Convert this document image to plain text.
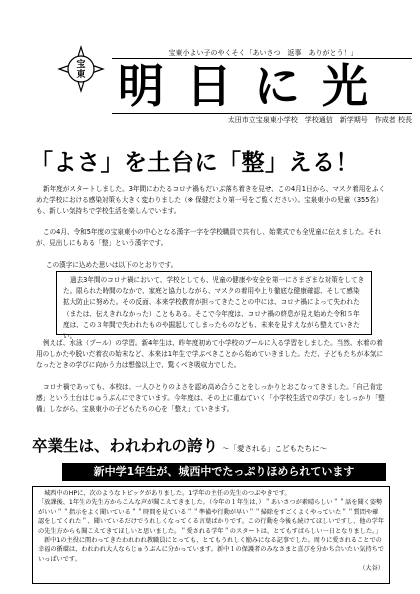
宝
東
宝東小よい子のやくそく「あいさつ　返事　ありがとう！」
明日に光
太田市立宝泉東小学校　学校通信　新学期号　作成者 校長
「よさ」を土台に「整」える！
新年度がスタートしました。3年間にわたるコロナ禍もだいぶ落ち着きを見せ、この4月1日から、マスク着用をふくめた学校における感染対策も大きく変わりました（※ 保健だより第一号をご覧ください）。宝泉東小の児童（355名）も、新しい気持ちで学校生活を楽しんでいます。
この4月、令和5年度の宝泉東小の中心となる漢字一字を学校職員で共有し、始業式でも全児童に伝えました。それが、見出しにもある「整」という漢字です。
この漢字に込めた思いは以下のとおりです。
過去3年間のコロナ禍において、学校としても、児童の健康や安全を第一にさまざまな対策をしてきた。限られた時間のなかで、家庭と協力しながら、マスクの着用や上り徹底な健康確認、そして感染拡大防止に努めた。その反面、本来学校教育が担ってきたことの中には、コロナ禍によって失われた（または、伝えきれなかった）こともある。そこで今年度は、コロナ禍の終息が見え始めた令和５年度は、この３年間で失われたものや掘起してしまったものなども、未来を見すえながら整えていきたい。
例えば、水泳（プール）の学習。新4年生は、昨年度初めて小学校のプールに入る学習をしました。当然、水着の着用のしかたや脱いだ着衣の始末など、本来は1年生で学ぶべきことから始めていきました。ただ、子どもたちが本気になったときの学びに向かう力は想像以上で、驚くべき吸収力でした。
コロナ禍であっても、本校は、一人ひとりのよさを認め高め合うことをしっかりとおこなってきました。「自己肯定感」という土台はじゅうぶんにできています。今年度は、その上に重ねていく「小学校生活での学び」をしっかり「整備」しながら、宝泉東小の子どもたちの心を「整え」ていきます。
卒業生は、われわれの誇り ～「愛される」こどもたちに～
新中学1年生が、城西中でたっぷりほめられています

城西中のHPに、次のようなトピックがありました。1学年の主任の先生のつぶやきです。

「放課後、1年生の先生方からこんな声が聞こえてきました。（今年の１年生は、）＂あいさつが素晴らしい＂＂話を聞く姿勢がいい＂＂指示をよく聞いている＂＂時間を見ている＂＂準備や行動が早い＂＂掃除をすごくよくやっていた＂＂質問や確認をしてくれた＂、聞いているだけでうれしくなってくる言葉ばかりです。この行動を今後も続けてほしいですし、他の学年の先生方からも聞こえてきてほしいと思いました。＂愛される学年＂のスタートは、とてもすばらしい一日となりました。」

新中1の主役に関わってきたわれわれ教職員にとっても、とてもうれしく励みになる記事でした。周りに愛されることでの幸福の循環は、われわれ大人ならじゅうぶんに分かっています。新中１の保護者のみなさまと喜びを分かち合いたい気持ちでいっぱいです。

（大谷）
